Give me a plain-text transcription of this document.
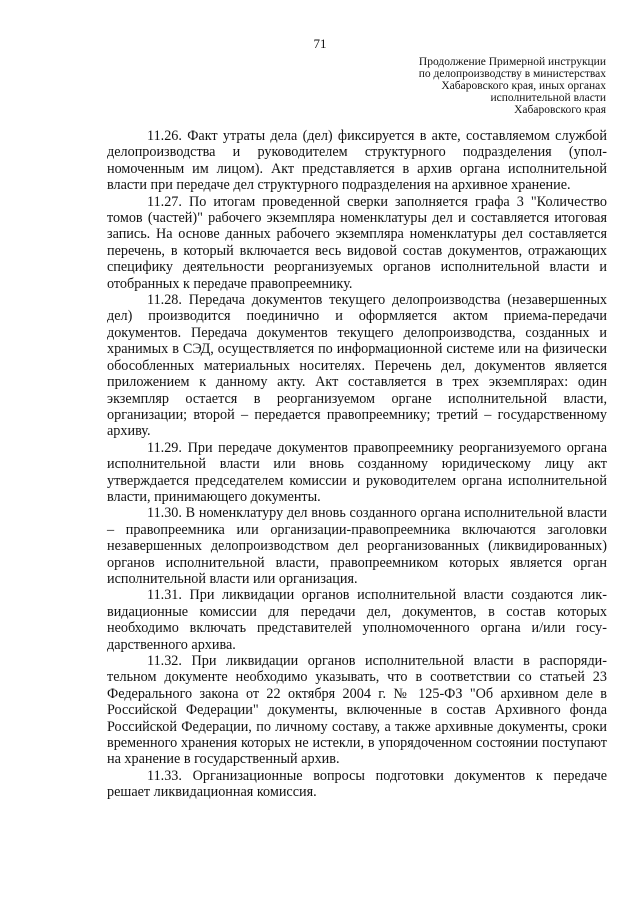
71
Продолжение Примерной инструкции
по делопроизводству в министерствах
Хабаровского края, иных органах
исполнительной власти
Хабаровского края

11.26. Факт утраты дела (дел) фиксируется в акте, составляемом службой делопроизводства и руководителем структурного подразделения (уполномоченным им лицом). Акт представляется в архив органа исполнительной власти при передаче дел структурного подразделения на архивное хранение.

11.27. По итогам проведенной сверки заполняется графа 3 "Количество томов (частей)" рабочего экземпляра номенклатуры дел и составляется итоговая запись. На основе данных рабочего экземпляра номенклатуры дел составляется перечень, в который включается весь видовой состав документов, отражающих специфику деятельности реорганизуемых органов исполнительной власти и отобранных к передаче правопреемнику.

11.28. Передача документов текущего делопроизводства (незавершенных дел) производится поединично и оформляется актом приема-передачи документов. Передача документов текущего делопроизводства, созданных и хранимых в СЭД, осуществляется по информационной системе или на физически обособленных материальных носителях. Перечень дел, документов является приложением к данному акту. Акт составляется в трех экземплярах: один экземпляр остается в реорганизуемом органе исполнительной власти, организации; второй – передается правопреемнику; третий – государственному архиву.

11.29. При передаче документов правопреемнику реорганизуемого органа исполнительной власти или вновь созданному юридическому лицу акт утверждается председателем комиссии и руководителем органа исполнительной власти, принимающего документы.

11.30. В номенклатуру дел вновь созданного органа исполнительной власти – правопреемника или организации-правопреемника включаются заголовки незавершенных делопроизводством дел реорганизованных (ликвидированных) органов исполнительной власти, правопреемником которых является орган исполнительной власти или организация.

11.31. При ликвидации органов исполнительной власти создаются ликвидационные комиссии для передачи дел, документов, в состав которых необходимо включать представителей уполномоченного органа и/или государственного архива.

11.32. При ликвидации органов исполнительной власти в распорядительном документе необходимо указывать, что в соответствии со статьей 23 Федерального закона от 22 октября 2004 г. № 125-ФЗ "Об архивном деле в Российской Федерации" документы, включенные в состав Архивного фонда Российской Федерации, по личному составу, а также архивные документы, сроки временного хранения которых не истекли, в упорядоченном состоянии поступают на хранение в государственный архив.

11.33. Организационные вопросы подготовки документов к передаче решает ликвидационная комиссия.
